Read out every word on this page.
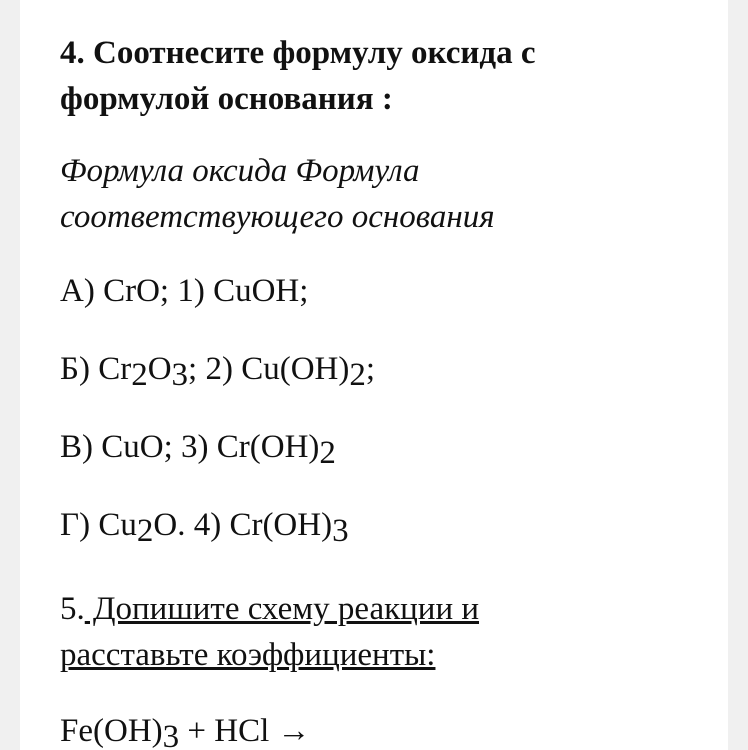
4. Соотнесите формулу оксида с
формулой основания :
Формула оксида Формула
соответствующего основания
А) CrO; 1) CuOH;
Б) Cr2O3; 2) Cu(OH)2;
В) CuO; 3) Cr(OH)2
Г) Cu2O. 4) Cr(OH)3
5. Допишите схему реакции и
расставьте коэффициенты:
Fe(OH)3 + HCl →
